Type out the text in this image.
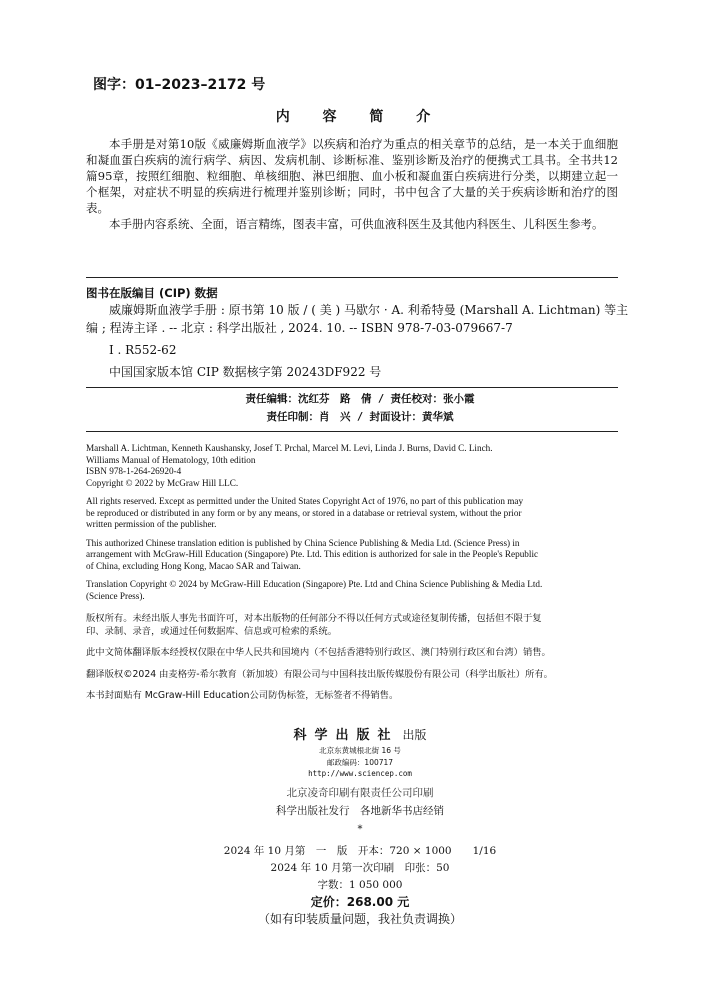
图字：01–2023–2172 号
内 容 简 介

本手册是对第10版《威廉姆斯血液学》以疾病和治疗为重点的相关章节的总结，是一本关于血细胞和凝血蛋白疾病的流行病学、病因、发病机制、诊断标准、鉴别诊断及治疗的便携式工具书。全书共12篇95章，按照红细胞、粒细胞、单核细胞、淋巴细胞、血小板和凝血蛋白疾病进行分类，以期建立起一个框架，对症状不明显的疾病进行梳理并鉴别诊断；同时，书中包含了大量的关于疾病诊断和治疗的图表。

本手册内容系统、全面，语言精练，图表丰富，可供血液科医生及其他内科医生、儿科医生参考。

图书在版编目 (CIP) 数据
威廉姆斯血液学手册 : 原书第 10 版 / ( 美 ) 马歇尔 · A. 利希特曼 (Marshall A. Lichtman) 等主
编 ; 程涛主译 . -- 北京 : 科学出版社 , 2024. 10. -- ISBN 978-7-03-079667-7
Ⅰ . R552-62
中国国家版本馆 CIP 数据核字第 20243DF922 号
责任编辑：沈红芬　路　倩 / 责任校对：张小霞
责任印制：肖　兴 / 封面设计：黄华斌
Marshall A. Lichtman, Kenneth Kaushansky, Josef T. Prchal, Marcel M. Levi, Linda J. Burns, David C. Linch.
Williams Manual of Hematology, 10th edition
ISBN 978-1-264-26920-4
Copyright © 2022 by McGraw Hill LLC.
All rights reserved. Except as permitted under the United States Copyright Act of 1976, no part of this publication may
be reproduced or distributed in any form or by any means, or stored in a database or retrieval system, without the prior
written permission of the publisher.
This authorized Chinese translation edition is published by China Science Publishing & Media Ltd. (Science Press) in
arrangement with McGraw-Hill Education (Singapore) Pte. Ltd. This edition is authorized for sale in the People's Republic
of China, excluding Hong Kong, Macao SAR and Taiwan.
Translation Copyright © 2024 by McGraw-Hill Education (Singapore) Pte. Ltd and China Science Publishing & Media Ltd.
(Science Press).
版权所有。未经出版人事先书面许可，对本出版物的任何部分不得以任何方式或途径复制传播，包括但不限于复
印、录制、录音，或通过任何数据库、信息或可检索的系统。
此中文简体翻译版本经授权仅限在中华人民共和国境内（不包括香港特别行政区、澳门特别行政区和台湾）销售。
翻译版权©2024 由麦格劳-希尔教育（新加坡）有限公司与中国科技出版传媒股份有限公司（科学出版社）所有。
本书封面贴有 McGraw-Hill Education公司防伪标签，无标签者不得销售。
科学出版社 出版
北京东黄城根北街 16 号
邮政编码：100717
http://www.sciencep.com
北京凌奇印刷有限责任公司印刷
科学出版社发行　各地新华书店经销
*
2024 年 10 月第　一　版　开本：720 × 1000　　1/16
2024 年 10 月第一次印刷　印张：50
字数：1 050 000
定价：268.00 元
（如有印装质量问题，我社负责调换）
